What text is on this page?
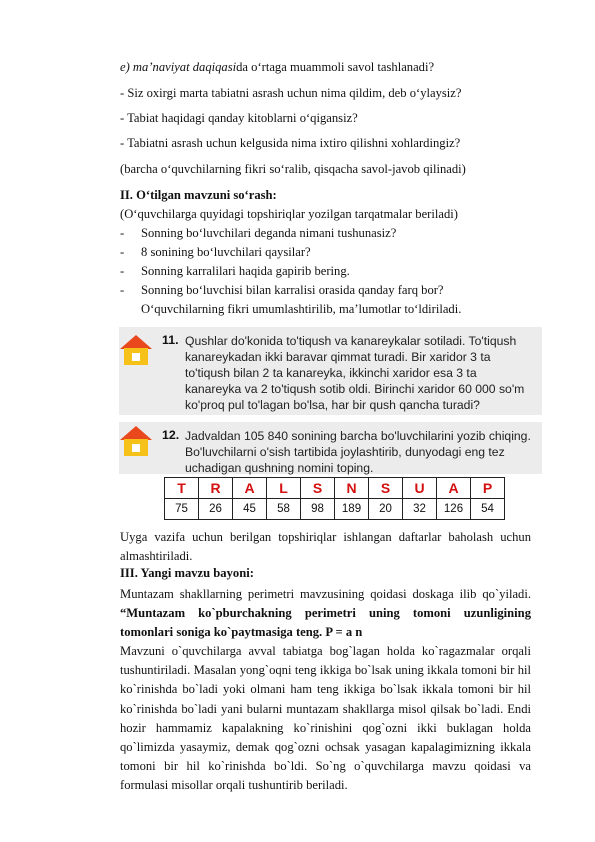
e) ma’naviyat daqiqasida o‘rtaga muammoli savol tashlanadi?
- Siz oxirgi marta tabiatni asrash uchun nima qildim, deb o‘ylaysiz?
- Tabiat haqidagi qanday kitoblarni o‘qigansiz?
- Tabiatni asrash uchun kelgusida nima ixtiro qilishni xohlardingiz?
(barcha o‘quvchilarning fikri so‘ralib, qisqacha savol-javob qilinadi)
II. O‘tilgan mavzuni so‘rash:
(O‘quvchilarga quyidagi topshiriqlar yozilgan tarqatmalar beriladi)
- Sonning bo‘luvchilari deganda nimani tushunasiz?
- 8 sonining bo‘luvchilari qaysilar?
- Sonning karralilari haqida gapirib bering.
- Sonning bo‘luvchisi bilan karralisi orasida qanday farq bor?
O‘quvchilarning fikri umumlashtirilib, ma’lumotlar to‘ldiriladi.
11. Qushlar do'konida to'tiqush va kanareykalar sotiladi. To'tiqush
kanareykadan ikki baravar qimmat turadi. Bir xaridor 3 ta
to'tiqush bilan 2 ta kanareyka, ikkinchi xaridor esa 3 ta
kanareyka va 2 to'tiqush sotib oldi. Birinchi xaridor 60 000 so'm
ko'proq pul to'lagan bo'lsa, har bir qush qancha turadi?
12. Jadvaldan 105 840 sonining barcha bo'luvchilarini yozib chiqing.
Bo'luvchilarni o'sish tartibida joylashtirib, dunyodagi eng tez
uchadigan qushning nomini toping.
T	R	A	L	S	N	S	U	A	P
75	26	45	58	98	189	20	32	126	54
Uyga vazifa uchun berilgan topshiriqlar ishlangan daftarlar baholash uchun almashtiriladi.
III. Yangi mavzu bayoni:
Muntazam shakllarning perimetri mavzusining qoidasi doskaga ilib qo`yiladi. “Muntazam ko`pburchakning perimetri uning tomoni uzunligining tomonlari soniga ko`paytmasiga teng. P = a n
Mavzuni o`quvchilarga avval tabiatga bog`lagan holda ko`ragazmalar orqali tushuntiriladi. Masalan yong`oqni teng ikkiga bo`lsak uning ikkala tomoni bir hil ko`rinishda bo`ladi yoki olmani ham teng ikkiga bo`lsak ikkala tomoni bir hil ko`rinishda bo`ladi yani bularni muntazam shakllarga misol qilsak bo`ladi. Endi hozir hammamiz kapalakning ko`rinishini qog`ozni ikki buklagan holda qo`limizda yasaymiz, demak qog`ozni ochsak yasagan kapalagimizning ikkala tomoni bir hil ko`rinishda bo`ldi. So`ng o`quvchilarga mavzu qoidasi va formulasi misollar orqali tushuntirib beriladi.
